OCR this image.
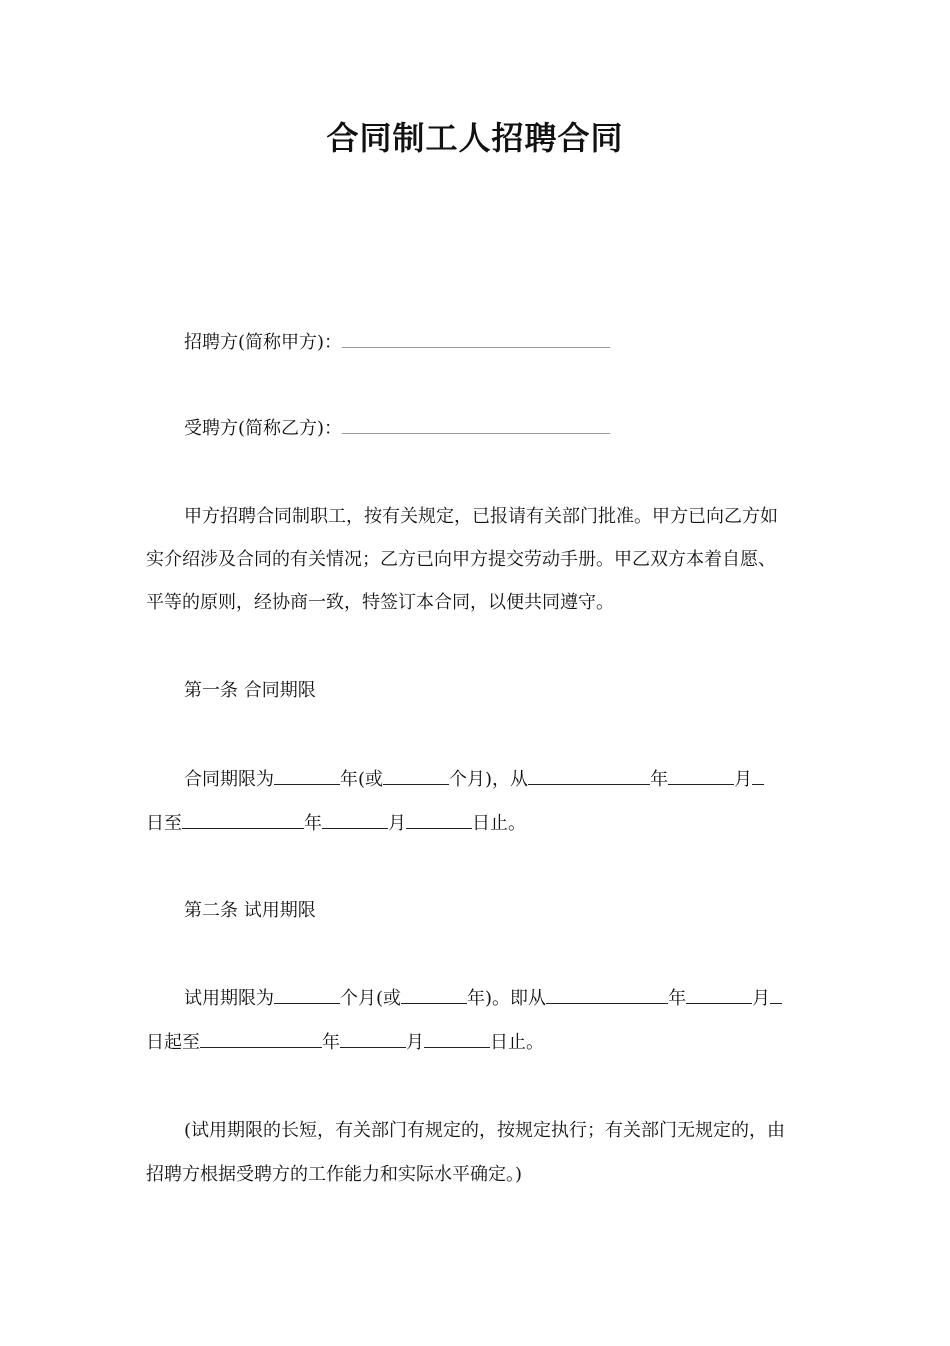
合同制工人招聘合同
招聘方(简称甲方)：
受聘方(简称乙方)：
甲方招聘合同制职工，按有关规定，已报请有关部门批准。甲方已向乙方如
实介绍涉及合同的有关情况；乙方已向甲方提交劳动手册。甲乙双方本着自愿、
平等的原则，经协商一致，特签订本合同，以便共同遵守。
第一条 合同期限
合同期限为	年(或	个月)，从	年	月
日至	年	月	日止。
第二条 试用期限
试用期限为	个月(或	年)。即从	年	月
日起至	年	月	日止。
(试用期限的长短，有关部门有规定的，按规定执行；有关部门无规定的，由
招聘方根据受聘方的工作能力和实际水平确定。)
